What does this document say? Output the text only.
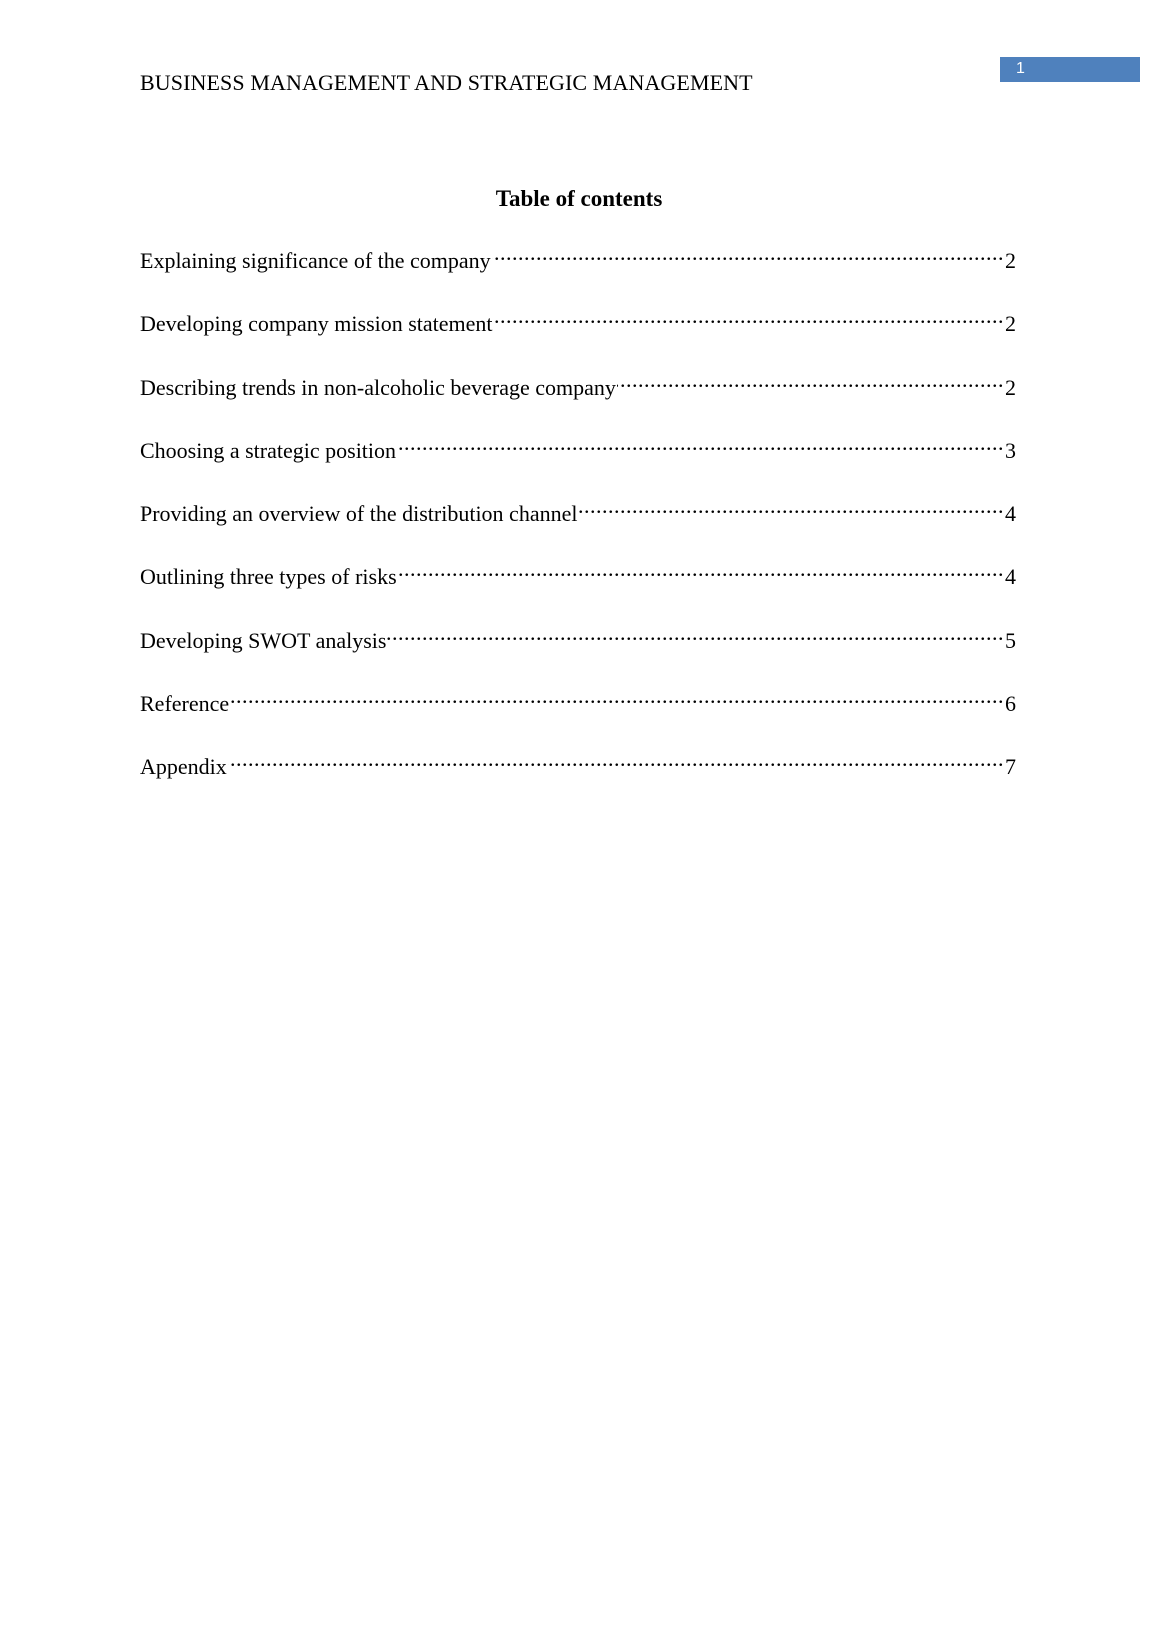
BUSINESS MANAGEMENT AND STRATEGIC MANAGEMENT
1
Table of contents
Explaining significance of the company .....	2
Developing company mission statement .....	2
Describing trends in non-alcoholic beverage company .....	2
Choosing a strategic position .....	3
Providing an overview of the distribution channel .....	4
Outlining three types of risks .....	4
Developing SWOT analysis .....	5
Reference .....	6
Appendix .....	7
